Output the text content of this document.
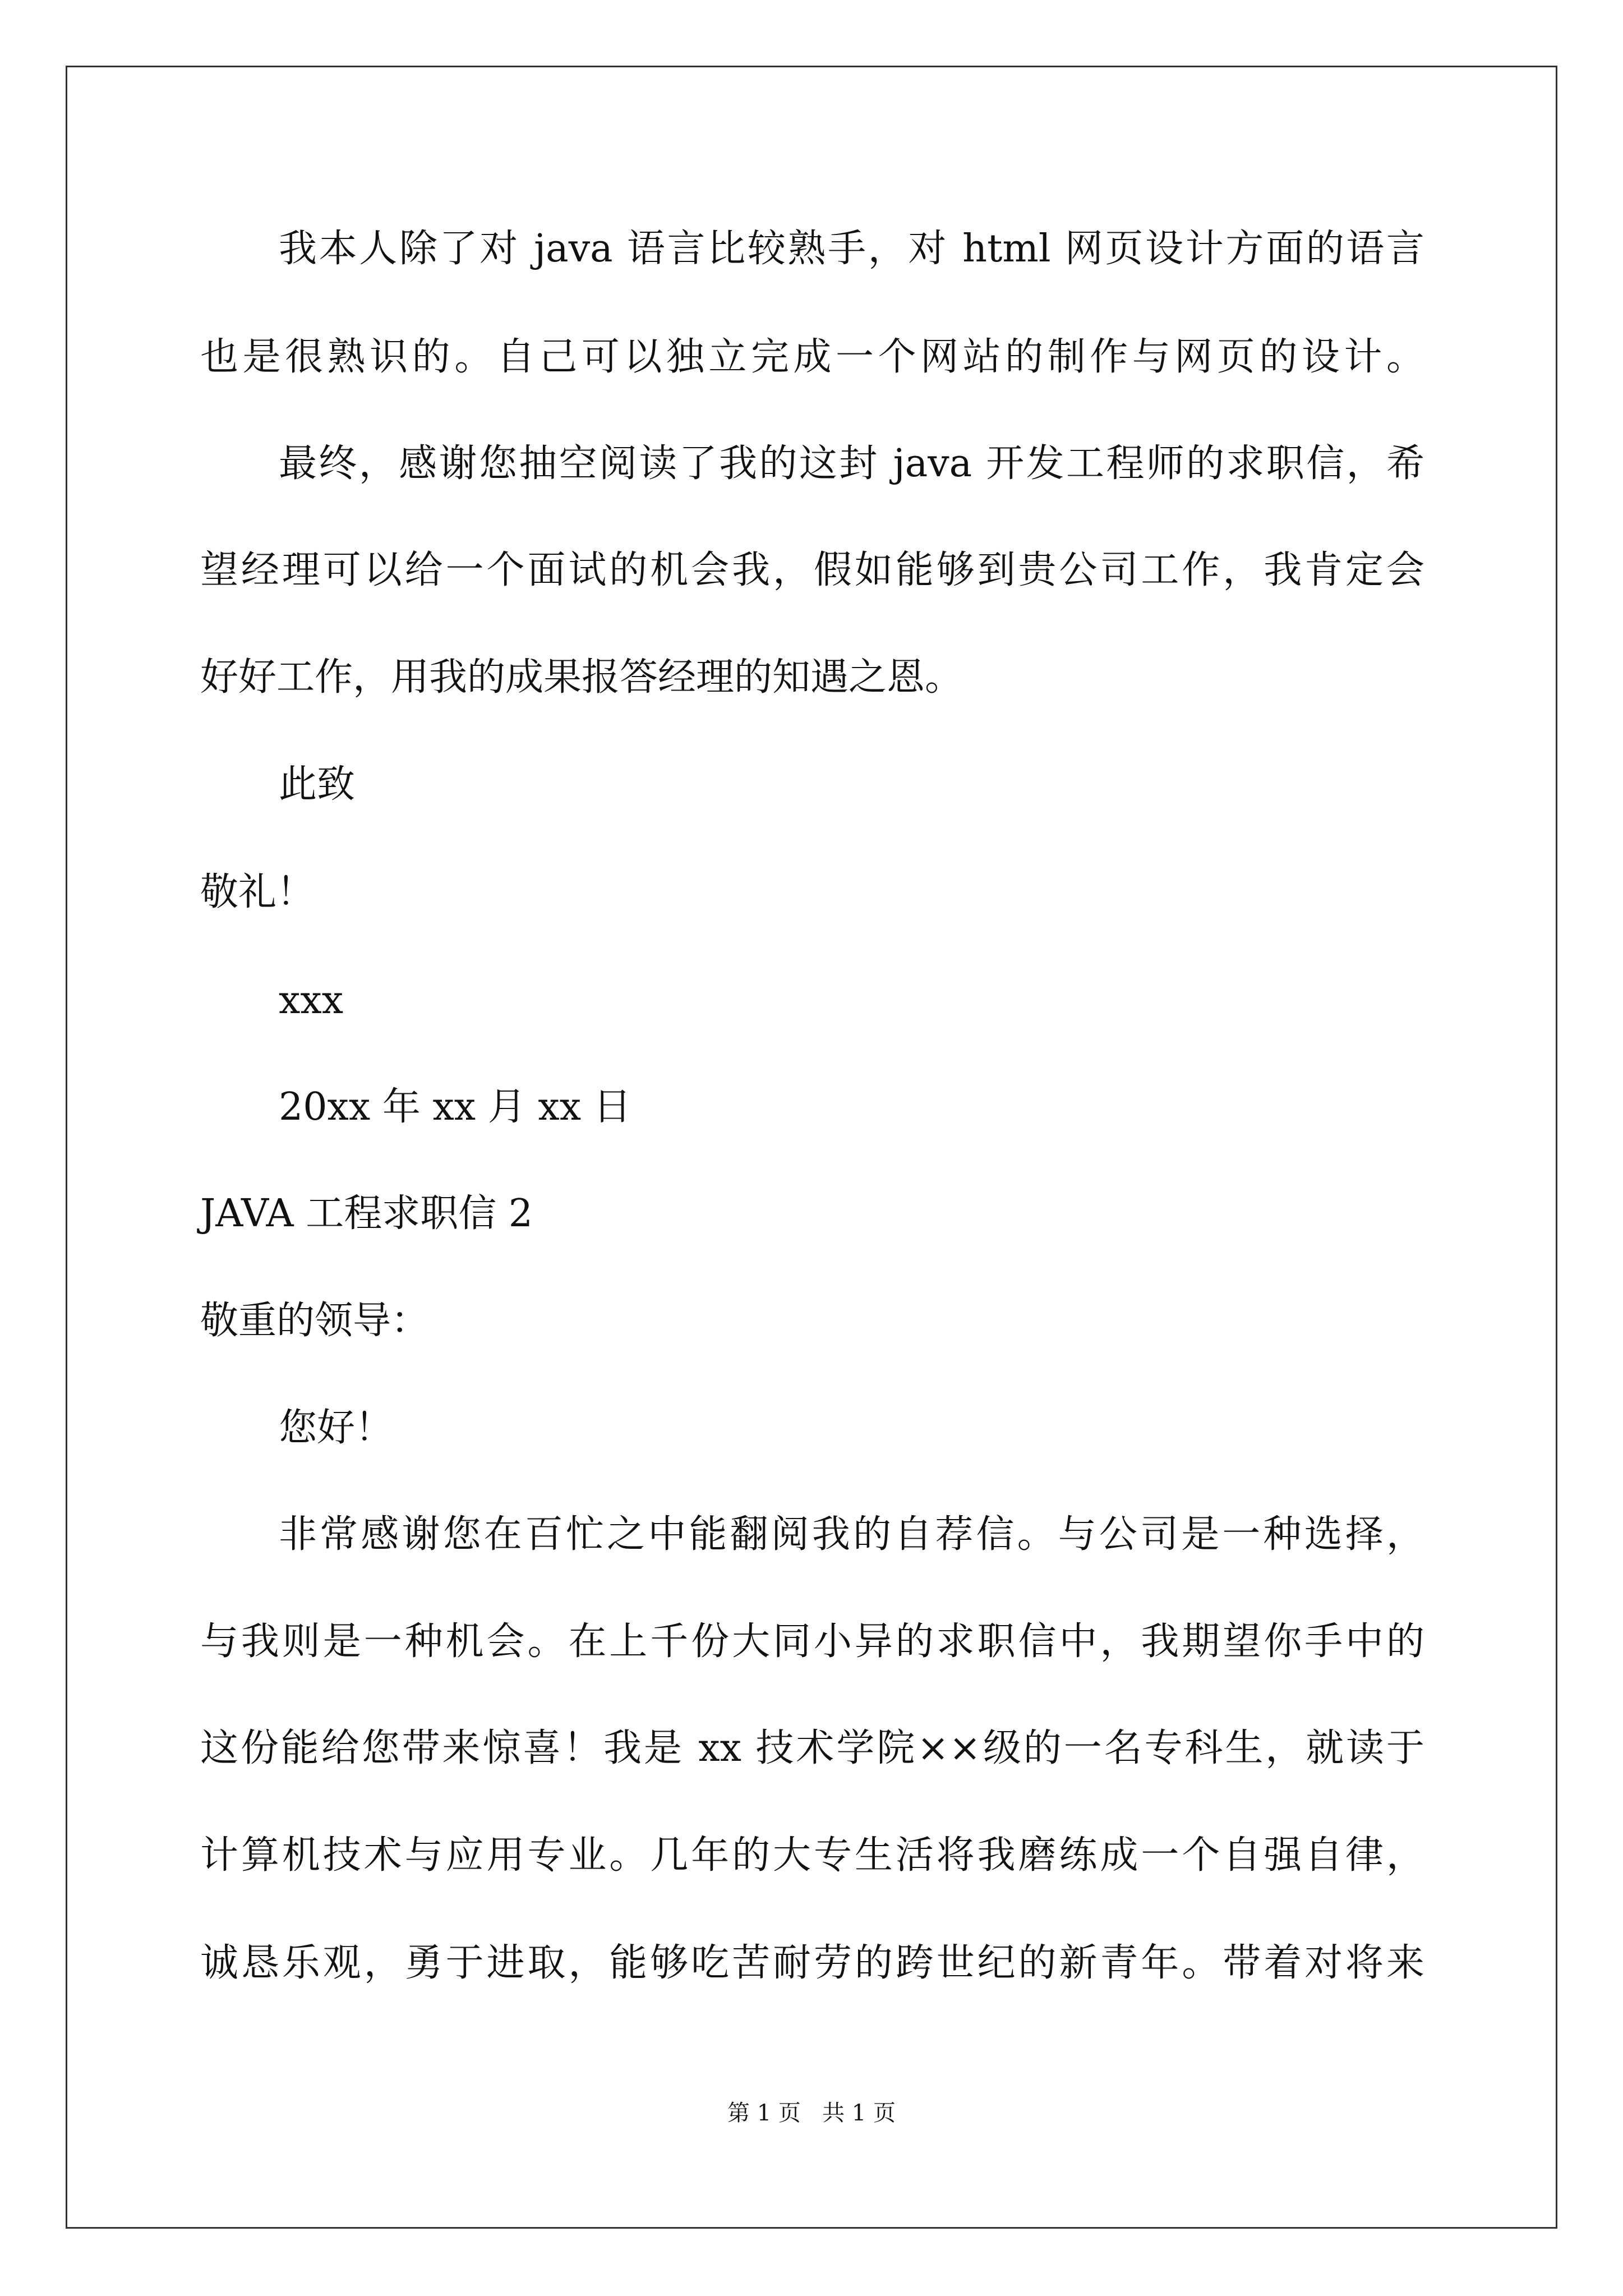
我本人除了对 java 语言比较熟手，对 html 网页设计方面的语言
也是很熟识的。自己可以独立完成一个网站的制作与网页的设计。
最终，感谢您抽空阅读了我的这封 java 开发工程师的求职信，希
望经理可以给一个面试的机会我，假如能够到贵公司工作，我肯定会
好好工作，用我的成果报答经理的知遇之恩。
此致
敬礼！
xxx
20xx 年 xx 月 xx 日
JAVA 工程求职信 2
敬重的领导：
您好！
非常感谢您在百忙之中能翻阅我的自荐信。与公司是一种选择，
与我则是一种机会。在上千份大同小异的求职信中，我期望你手中的
这份能给您带来惊喜！我是 xx 技术学院××级的一名专科生，就读于
计算机技术与应用专业。几年的大专生活将我磨练成一个自强自律，
诚恳乐观，勇于进取，能够吃苦耐劳的跨世纪的新青年。带着对将来
第 1 页   共 1 页
